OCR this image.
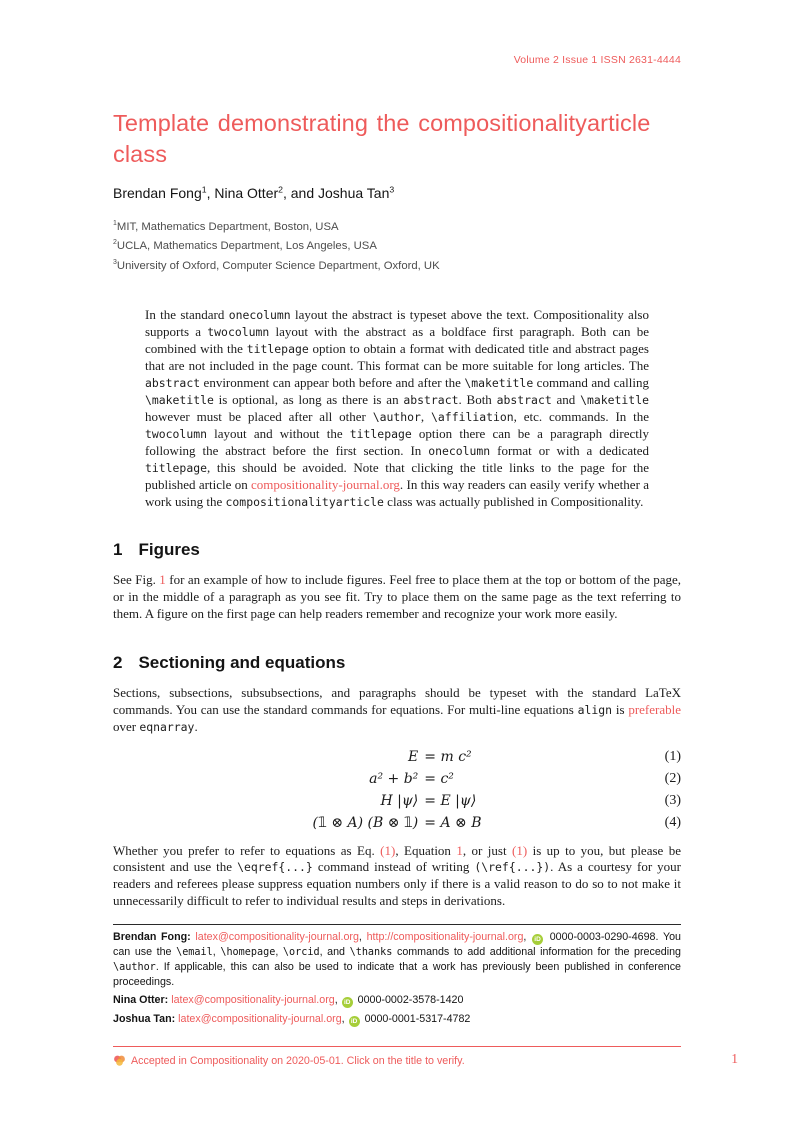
Volume 2 Issue 1 ISSN 2631-4444
Template demonstrating the compositionalityarticle class
Brendan Fong$^1$, Nina Otter$^2$, and Joshua Tan$^3$
$^1$MIT, Mathematics Department, Boston, USA
$^2$UCLA, Mathematics Department, Los Angeles, USA
$^3$University of Oxford, Computer Science Department, Oxford, UK
In the standard onecolumn layout the abstract is typeset above the text. Compositionality also supports a twocolumn layout with the abstract as a boldface first paragraph. Both can be combined with the titlepage option to obtain a format with dedicated title and abstract pages that are not included in the page count. This format can be more suitable for long articles. The abstract environment can appear both before and after the \maketitle command and calling \maketitle is optional, as long as there is an abstract. Both abstract and \maketitle however must be placed after all other \author, \affiliation, etc. commands. In the twocolumn layout and without the titlepage option there can be a paragraph directly following the abstract before the first section. In onecolumn format or with a dedicated titlepage, this should be avoided. Note that clicking the title links to the page for the published article on compositionality-journal.org. In this way readers can easily verify whether a work using the compositionalityarticle class was actually published in Compositionality.
1 Figures

See Fig. 1 for an example of how to include figures. Feel free to place them at the top or bottom of the page, or in the middle of a paragraph as you see fit. Try to place them on the same page as the text referring to them. A figure on the first page can help readers remember and recognize your work more easily.

2 Sectioning and equations

Sections, subsections, subsubsections, and paragraphs should be typeset with the standard LaTeX commands. You can use the standard commands for equations. For multi-line equations align is preferable over eqnarray.

E = m c²	(1)
a² + b² = c²	(2)
H |ψ⟩ = E |ψ⟩	(3)
(𝟙 ⊗ A) (B ⊗ 𝟙) = A ⊗ B	(4)

Whether you prefer to refer to equations as Eq. (1), Equation 1, or just (1) is up to you, but please be consistent and use the \eqref{...} command instead of writing (\ref{...}). As a courtesy for your readers and referees please suppress equation numbers only if there is a valid reason to do so to not make it unnecessarily difficult to refer to individual results and steps in derivations.

Brendan Fong: latex@compositionality-journal.org, http://compositionality-journal.org, iD 0000-0003-0290-4698. You can use the \email, \homepage, \orcid, and \thanks commands to add additional information for the preceding \author. If applicable, this can also be used to indicate that a work has previously been published in conference proceedings.

Nina Otter: latex@compositionality-journal.org, iD 0000-0002-3578-1420

Joshua Tan: latex@compositionality-journal.org, iD 0000-0001-5317-4782

Accepted in Compositionality on 2020-05-01. Click on the title to verify.	1
